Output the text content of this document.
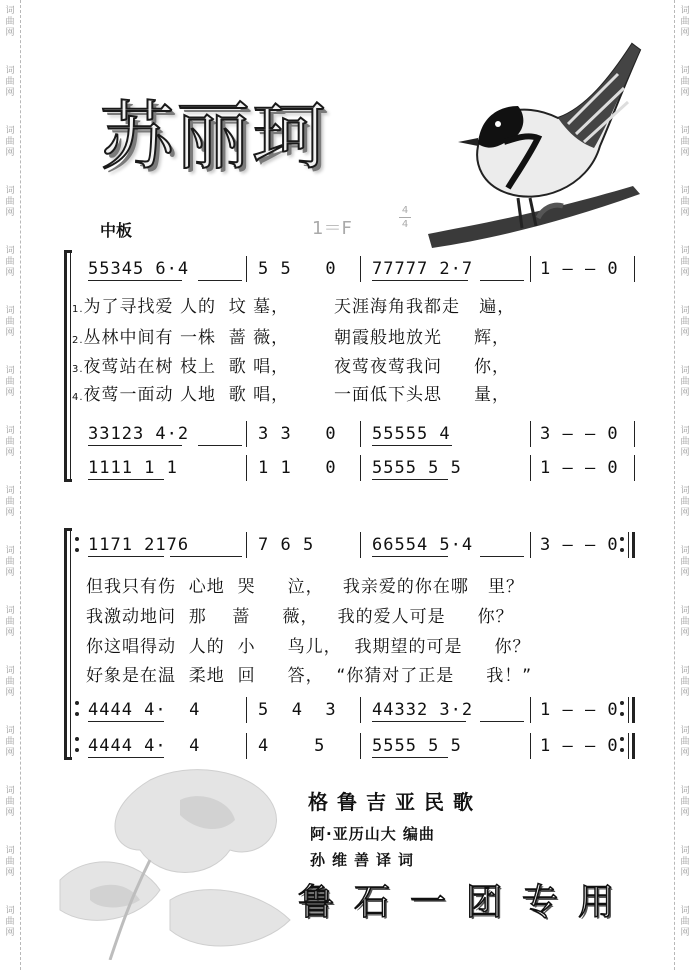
词曲网
词曲网
词曲网
词曲网
词曲网
词曲网
词曲网
词曲网
词曲网
词曲网
词曲网
词曲网
词曲网
词曲网
词曲网
词曲网
词曲网
词曲网
词曲网
词曲网
词曲网
词曲网
词曲网
词曲网
词曲网
词曲网
词曲网
词曲网
词曲网
词曲网
词曲网
词曲网
苏丽珂
中板	1＝F
4
4
55345 6·4	5 5   0 77777 2·7	1 — — 0
1.为了寻找爱 人的  坟 墓，       天涯海角我都走   遍，
2.丛林中间有 一株  蔷 薇，       朝霞般地放光     辉，
3.夜莺站在树 枝上  歌 唱，       夜莺夜莺我问     你，
4.夜莺一面动 人地  歌 唱，       一面低下头思     量，
33123 4·2	3 3   0 55555 4	3 — — 0
1111 1 1	1 1   0 5555 5 5	1 — — 0
1171 2176	7 6 5	66554 5·4	3 — — 0
但我只有伤  心地  哭     泣，   我亲爱的你在哪   里？
我激动地问  那    蔷     薇，   我的爱人可是     你？
你这唱得动  人的  小     鸟儿，  我期望的可是     你？
好象是在温  柔地  回     答，  “你猜对了正是     我！”
4444 4·  4	5  4  3 44332 3·2	1 — — 0
4444 4·  4	4    5	5555 5 5	1 — — 0
格鲁吉亚民歌
阿·亚历山大 编曲
孙维善译词
鲁石一团专用
